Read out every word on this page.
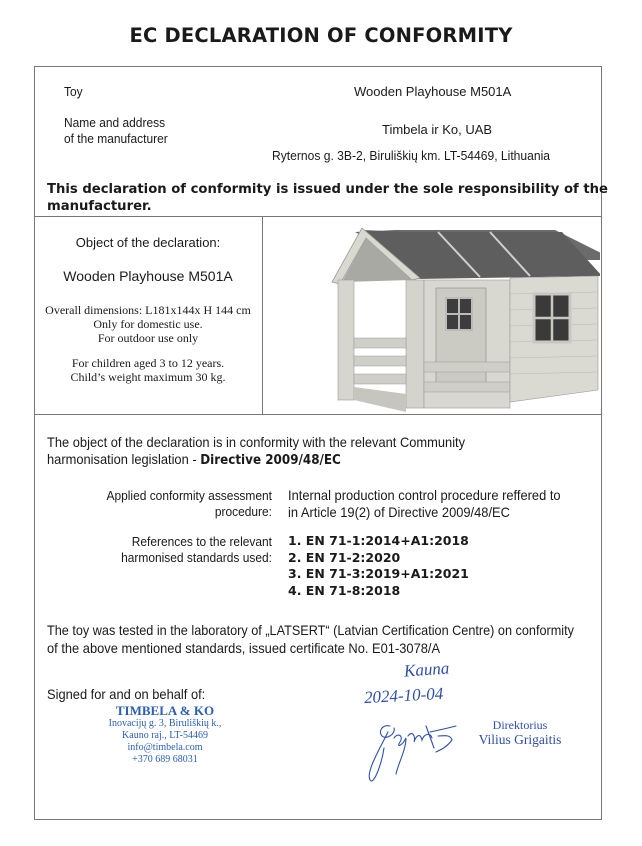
EC DECLARATION OF CONFORMITY
Toy	Wooden Playhouse M501A
Name and address
of the manufacturer
Timbela ir Ko, UAB
Ryternos g. 3B-2, Biruliškių km. LT-54469, Lithuania
This declaration of conformity is issued under the sole responsibility of the
manufacturer.
Object of the declaration:
Wooden Playhouse M501A
Overall dimensions: L181x144x H 144 cm
Only for domestic use.
For outdoor use only
For children aged 3 to 12 years.
Child’s weight maximum 30 kg.
The object of the declaration is in conformity with the relevant Community
harmonisation legislation - Directive 2009/48/EC
Applied conformity assessment
procedure:
Internal production control procedure reffered to
in Article 19(2) of Directive 2009/48/EC
References to the relevant
harmonised standards used:
1. EN 71-1:2014+A1:2018
2. EN 71-2:2020
3. EN 71-3:2019+A1:2021
4. EN 71-8:2018
The toy was tested in the laboratory of „LATSERT“ (Latvian Certification Centre) on conformity
of the above mentioned standards, issued certificate No. E01-3078/A
Signed for and on behalf of:
TIMBELA & KO
Inovacijų g. 3, Biruliškių k.,
Kauno raj., LT-54469
info@timbela.com
+370 689 68031
Kauna
2024-10-04
Direktorius
Vilius Grigaitis
